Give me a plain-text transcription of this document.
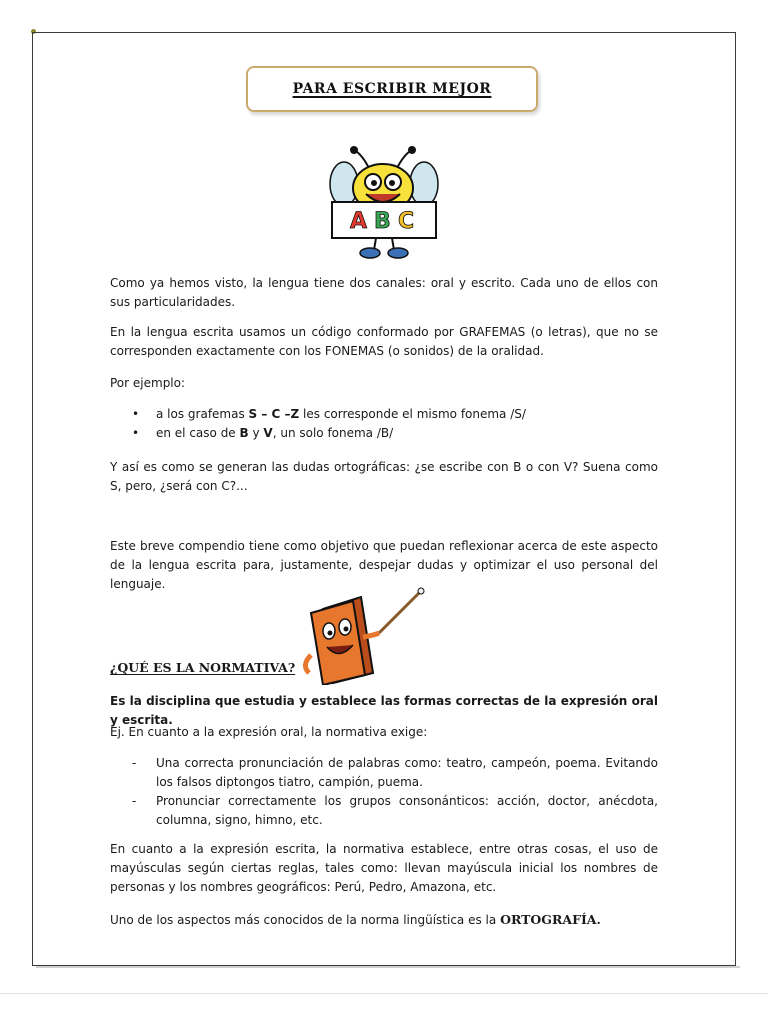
PARA ESCRIBIR MEJOR
A B C
Como ya hemos visto, la lengua tiene dos canales: oral y escrito. Cada uno de ellos con sus particularidades.
En la lengua escrita usamos un código conformado por GRAFEMAS (o letras), que no se corresponden exactamente con los FONEMAS (o sonidos) de la oralidad.
Por ejemplo:
• a los grafemas S – C –Z les corresponde el mismo fonema /S/
• en el caso de B y V, un solo fonema /B/
Y así es como se generan las dudas ortográficas: ¿se escribe con B o con V? Suena como S, pero, ¿será con C?...
Este breve compendio tiene como objetivo que puedan reflexionar acerca de este aspecto de la lengua escrita para, justamente, despejar dudas y optimizar el uso personal del lenguaje.
¿QUÉ ES LA NORMATIVA?
Es la disciplina que estudia y establece las formas correctas de la expresión oral y escrita.
Ej. En cuanto a la expresión oral, la normativa exige:
- Una correcta pronunciación de palabras como: teatro, campeón, poema. Evitando los falsos diptongos tiatro, campión, puema.
- Pronunciar correctamente los grupos consonánticos: acción, doctor, anécdota, columna, signo, himno, etc.
En cuanto a la expresión escrita, la normativa establece, entre otras cosas, el uso de mayúsculas según ciertas reglas, tales como: llevan mayúscula inicial los nombres de personas y los nombres geográficos: Perú, Pedro, Amazona, etc.
Uno de los aspectos más conocidos de la norma lingüística es la ORTOGRAFÍA.
